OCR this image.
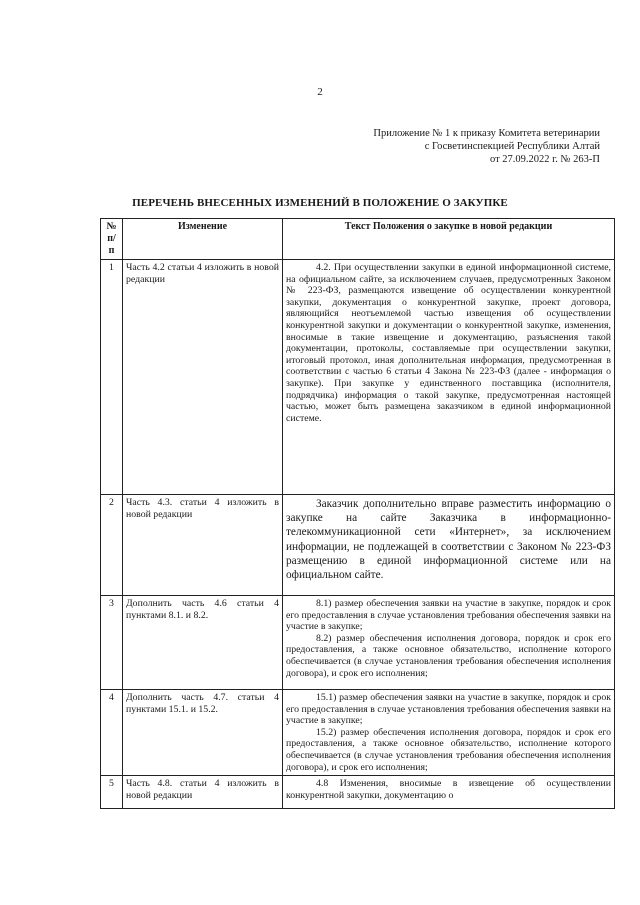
2
Приложение № 1 к приказу Комитета ветеринарии
с Госветинспекцией Республики Алтай
от 27.09.2022 г. № 263-П
ПЕРЕЧЕНЬ ВНЕСЕННЫХ ИЗМЕНЕНИЙ В ПОЛОЖЕНИЕ О ЗАКУПКЕ
№
п/
п	Изменение	Текст Положения о закупке в новой редакции
1	Часть 4.2 статьи 4 изложить в новой редакции	4.2. При осуществлении закупки в единой информационной системе, на официальном сайте, за исключением случаев, предусмотренных Законом № 223-ФЗ, размещаются извещение об осуществлении конкурентной закупки, документация о конкурентной закупке, проект договора, являющийся неотъемлемой частью извещения об осуществлении конкурентной закупки и документации о конкурентной закупке, изменения, вносимые в такие извещение и документацию, разъяснения такой документации, протоколы, составляемые при осуществлении закупки, итоговый протокол, иная дополнительная информация, предусмотренная в соответствии с частью 6 статьи 4 Закона № 223-ФЗ (далее - информация о закупке). При закупке у единственного поставщика (исполнителя, подрядчика) информация о такой закупке, предусмотренная настоящей частью, может быть размещена заказчиком в единой информационной системе.

2	Часть 4.3. статьи 4 изложить в новой редакции	Заказчик дополнительно вправе разместить информацию о закупке на сайте Заказчика в информационно-телекоммуникационной сети «Интернет», за исключением информации, не подлежащей в соответствии с Законом № 223-ФЗ размещению в единой информационной системе или на официальном сайте.

3	Дополнить часть 4.6 статьи 4 пунктами 8.1. и 8.2.	8.1) размер обеспечения заявки на участие в закупке, порядок и срок его предоставления в случае установления требования обеспечения заявки на участие в закупке;

8.2) размер обеспечения исполнения договора, порядок и срок его предоставления, а также основное обязательство, исполнение которого обеспечивается (в случае установления требования обеспечения исполнения договора), и срок его исполнения;

4	Дополнить часть 4.7. статьи 4 пунктами 15.1. и 15.2.	15.1) размер обеспечения заявки на участие в закупке, порядок и срок его предоставления в случае установления требования обеспечения заявки на участие в закупке;

15.2) размер обеспечения исполнения договора, порядок и срок его предоставления, а также основное обязательство, исполнение которого обеспечивается (в случае установления требования обеспечения исполнения договора), и срок его исполнения;

5	Часть 4.8. статьи 4 изложить в новой редакции	4.8 Изменения, вносимые в извещение об осуществлении конкурентной закупки, документацию о
